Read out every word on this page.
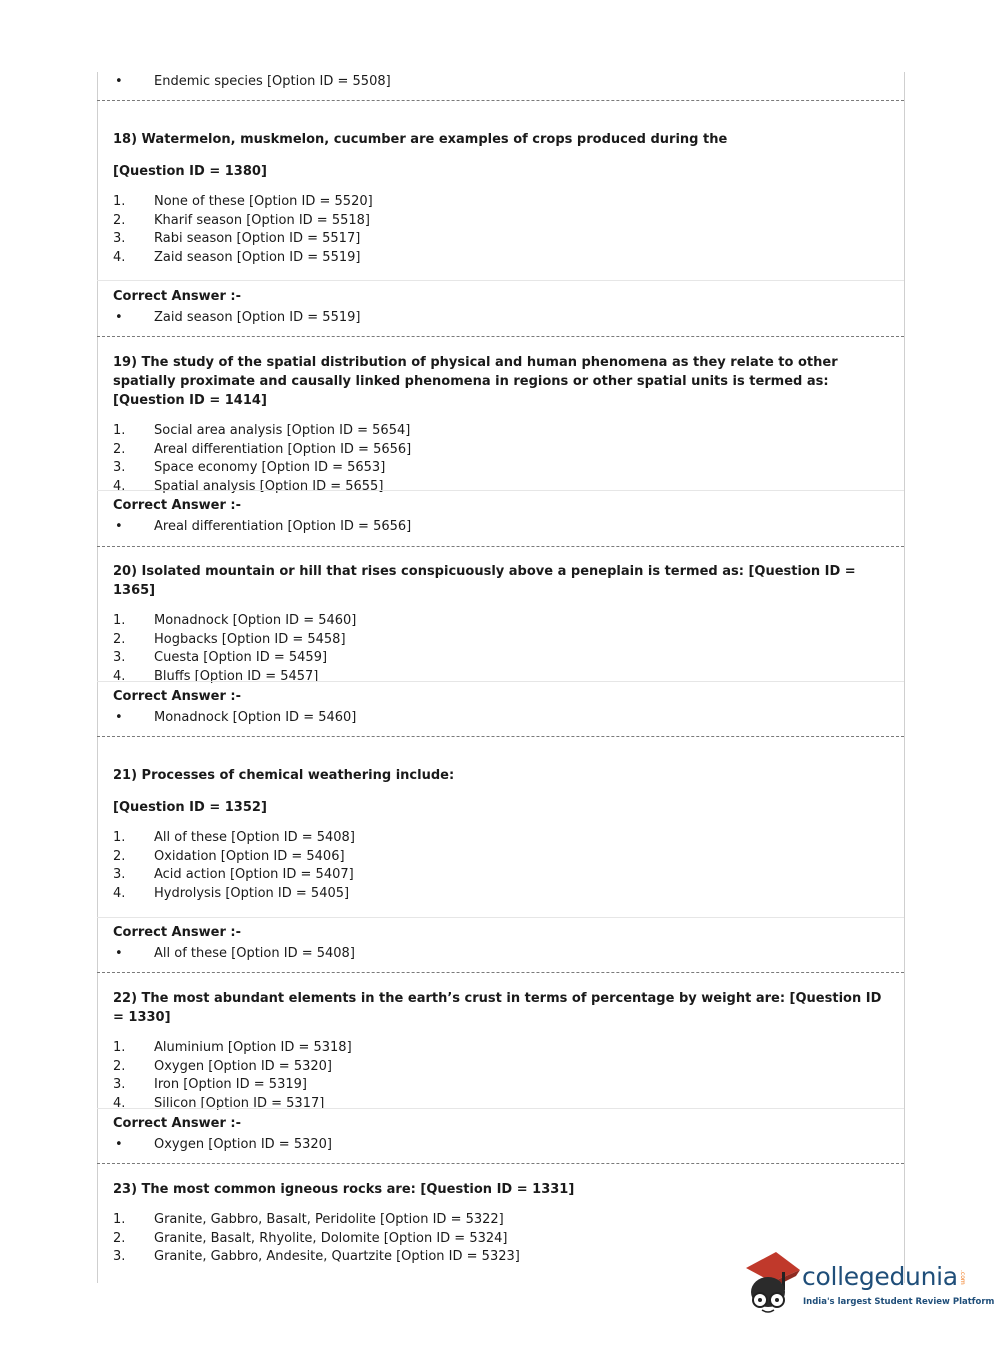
•	Endemic species [Option ID = 5508]

18) Watermelon, muskmelon, cucumber are examples of crops produced during the

[Question ID = 1380]

1.	None of these [Option ID = 5520]
2.	Kharif season [Option ID = 5518]
3.	Rabi season [Option ID = 5517]
4.	Zaid season [Option ID = 5519]
Correct Answer :-
•	Zaid season [Option ID = 5519]

19) The study of the spatial distribution of physical and human phenomena as they relate to other spatially proximate and causally linked phenomena in regions or other spatial units is termed as: [Question ID = 1414]

1.	Social area analysis [Option ID = 5654]
2.	Areal differentiation [Option ID = 5656]
3.	Space economy [Option ID = 5653]
4.	Spatial analysis [Option ID = 5655]
Correct Answer :-
•	Areal differentiation [Option ID = 5656]

20) Isolated mountain or hill that rises conspicuously above a peneplain is termed as: [Question ID = 1365]

1.	Monadnock [Option ID = 5460]
2.	Hogbacks [Option ID = 5458]
3.	Cuesta [Option ID = 5459]
4.	Bluffs [Option ID = 5457]
Correct Answer :-
•	Monadnock [Option ID = 5460]

21) Processes of chemical weathering include:

[Question ID = 1352]

1.	All of these [Option ID = 5408]
2.	Oxidation [Option ID = 5406]
3.	Acid action [Option ID = 5407]
4.	Hydrolysis [Option ID = 5405]
Correct Answer :-
•	All of these [Option ID = 5408]

22) The most abundant elements in the earth’s crust in terms of percentage by weight are: [Question ID = 1330]

1.	Aluminium [Option ID = 5318]
2.	Oxygen [Option ID = 5320]
3.	Iron [Option ID = 5319]
4.	Silicon [Option ID = 5317]
Correct Answer :-
•	Oxygen [Option ID = 5320]

23) The most common igneous rocks are: [Question ID = 1331]

1.	Granite, Gabbro, Basalt, Peridolite [Option ID = 5322]
2.	Granite, Basalt, Rhyolite, Dolomite [Option ID = 5324]
3.	Granite, Gabbro, Andesite, Quartzite [Option ID = 5323]
collegedunia .com
India's largest Student Review Platform
